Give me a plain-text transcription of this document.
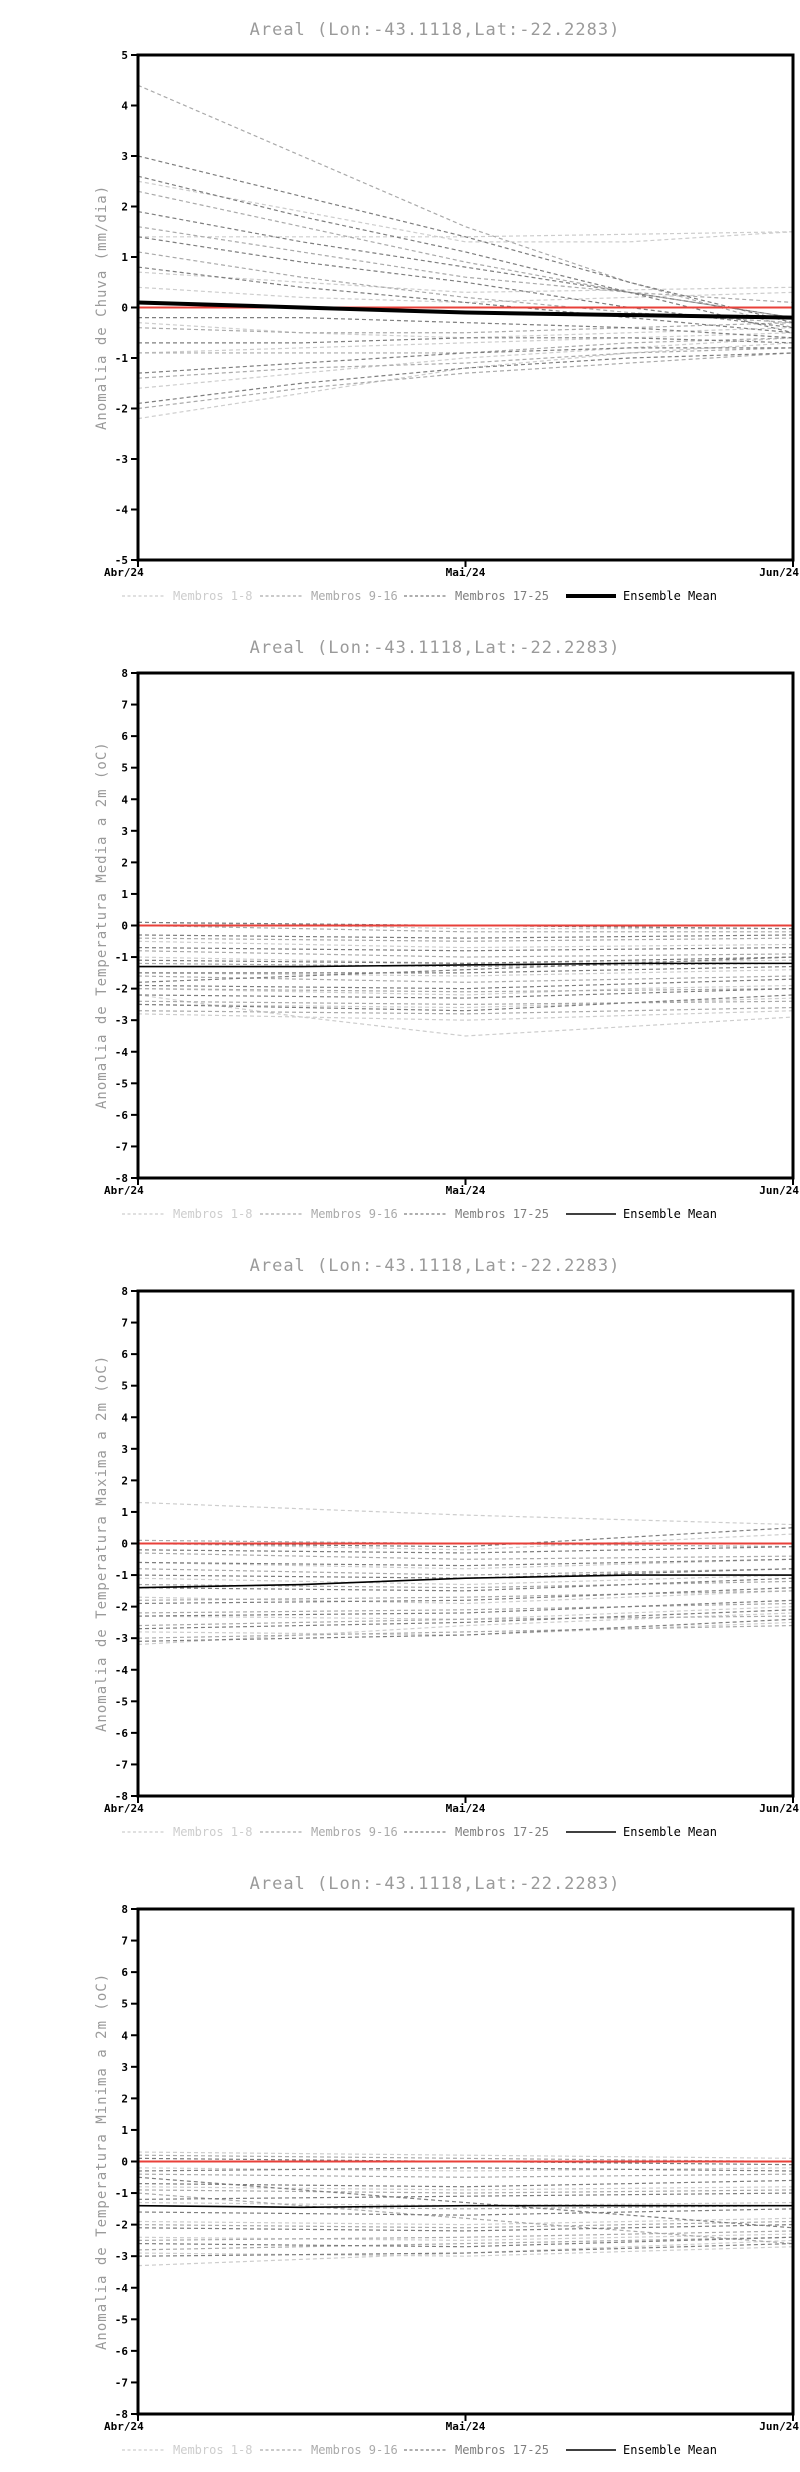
Areal (Lon:-43.1118,Lat:-22.2283)
Anomalia de Chuva (mm/dia)
-5
-4
-3
-2
-1
0
1
2
3
4
5
Abr/24	Mai/24	Jun/24
Membros 1-8	Membros 9-16	Membros 17-25	Ensemble Mean
Areal (Lon:-43.1118,Lat:-22.2283)
Anomalia de Temperatura Media a 2m (oC)
-8
-7
-6
-5
-4
-3
-2
-1
0
1
2
3
4
5
6
7
8
Abr/24	Mai/24	Jun/24
Membros 1-8	Membros 9-16	Membros 17-25	Ensemble Mean
Areal (Lon:-43.1118,Lat:-22.2283)
Anomalia de Temperatura Maxima a 2m (oC)
-8
-7
-6
-5
-4
-3
-2
-1
0
1
2
3
4
5
6
7
8
Abr/24	Mai/24	Jun/24
Membros 1-8	Membros 9-16	Membros 17-25	Ensemble Mean
Areal (Lon:-43.1118,Lat:-22.2283)
Anomalia de Temperatura Minima a 2m (oC)
-8
-7
-6
-5
-4
-3
-2
-1
0
1
2
3
4
5
6
7
8
Abr/24	Mai/24	Jun/24
Membros 1-8	Membros 9-16	Membros 17-25	Ensemble Mean
